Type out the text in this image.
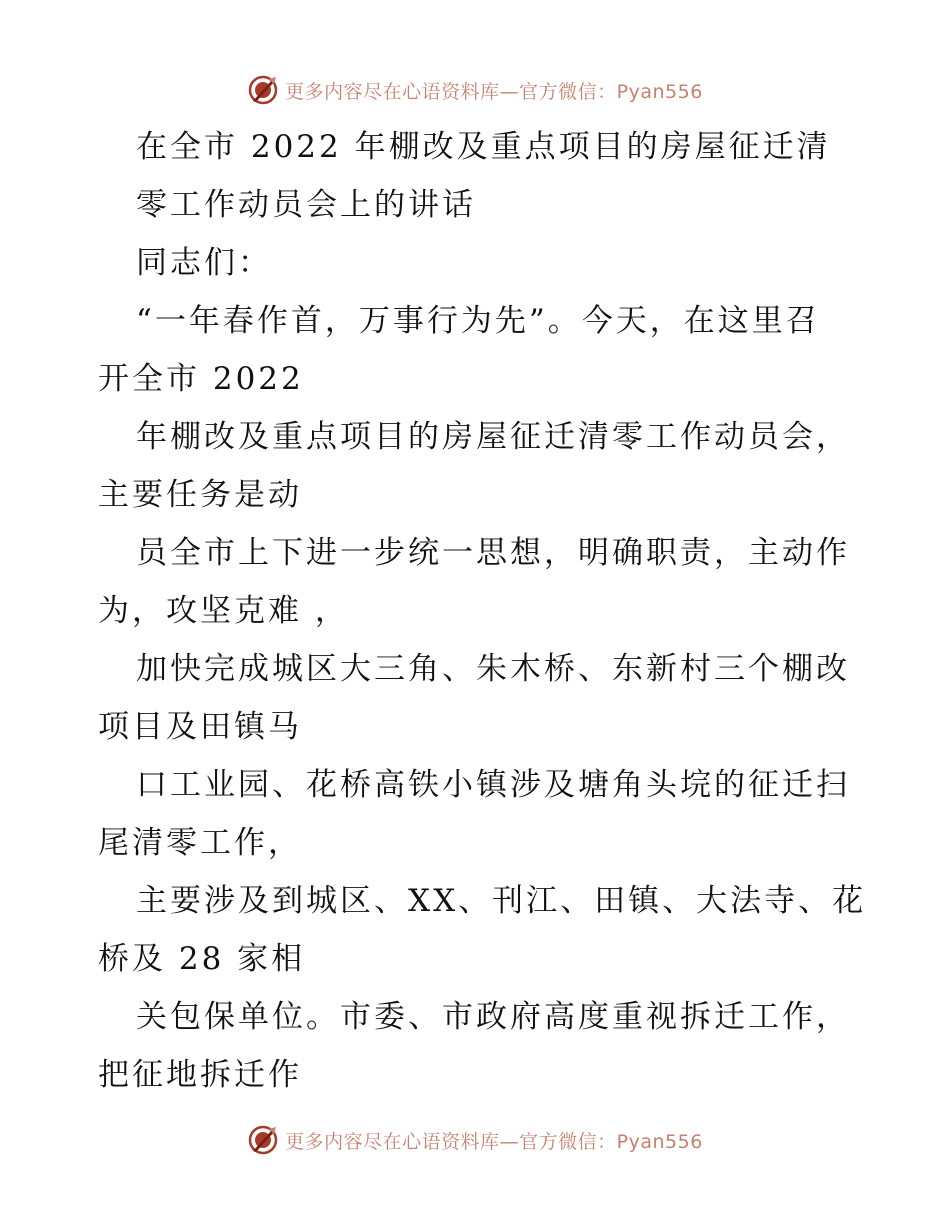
更多内容尽在心语资料库—官方微信：Pyan556
在全市 2022 年棚改及重点项目的房屋征迁清
零工作动员会上的讲话
同志们：
“一年春作首，万事行为先”。今天，在这里召
开全市 2022
年棚改及重点项目的房屋征迁清零工作动员会，
主要任务是动
员全市上下进一步统一思想，明确职责，主动作
为，攻坚克难 ，
加快完成城区大三角、朱木桥、东新村三个棚改
项目及田镇马
口工业园、花桥高铁小镇涉及塘角头垸的征迁扫
尾清零工作，
主要涉及到城区、XX、刊江、田镇、大法寺、花
桥及 28 家相
关包保单位。市委、市政府高度重视拆迁工作，
把征地拆迁作
更多内容尽在心语资料库—官方微信：Pyan556
